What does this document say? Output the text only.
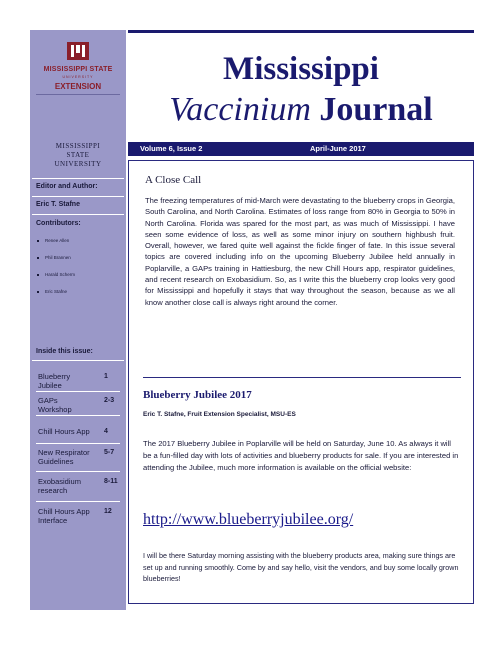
MISSISSIPPI STATE
UNIVERSITY
EXTENSION
MISSISSIPPI
STATE
UNIVERSITY
Editor and Author:
Eric T. Stafne
Contributors:
Renee Allen
Phil Brannen
Harald Scherm
Eric Stafne
Inside this issue:
Blueberry Jubilee
1
GAPs Workshop
2-3
Chill Hours App	4
New Respirator Guidelines
5-7
Exobasidium research
8-11
Chill Hours App Interface
12
Mississippi
Vaccinium Journal
Volume 6, Issue 2	April-June 2017
A Close Call

The freezing temperatures of mid-March were devastating to the blueberry crops in Georgia, South Carolina, and North Carolina. Estimates of loss range from 80% in Georgia to 50% in North Carolina. Florida was spared for the most part, as was much of Mississippi. I have seen some evidence of loss, as well as some minor injury on southern highbush fruit. Overall, however, we fared quite well against the fickle finger of fate. In this issue several topics are covered including info on the upcoming Blueberry Jubilee held annually in Poplarville, a GAPs training in Hattiesburg, the new Chill Hours app, respirator guidelines, and recent research on Exobasidium. So, as I write this the blueberry crop looks very good for Mississippi and hopefully it stays that way throughout the season, because as we all know another close call is always right around the corner.

Blueberry Jubilee 2017
Eric T. Stafne, Fruit Extension Specialist, MSU-ES

The 2017 Blueberry Jubilee in Poplarville will be held on Saturday, June 10. As always it will be a fun-filled day with lots of activities and blueberry products for sale. If you are interested in attending the Jubilee, much more information is available on the official website:

http://www.blueberryjubilee.org/

I will be there Saturday morning assisting with the blueberry products area, making sure things are set up and running smoothly. Come by and say hello, visit the vendors, and buy some locally grown blueberries!
